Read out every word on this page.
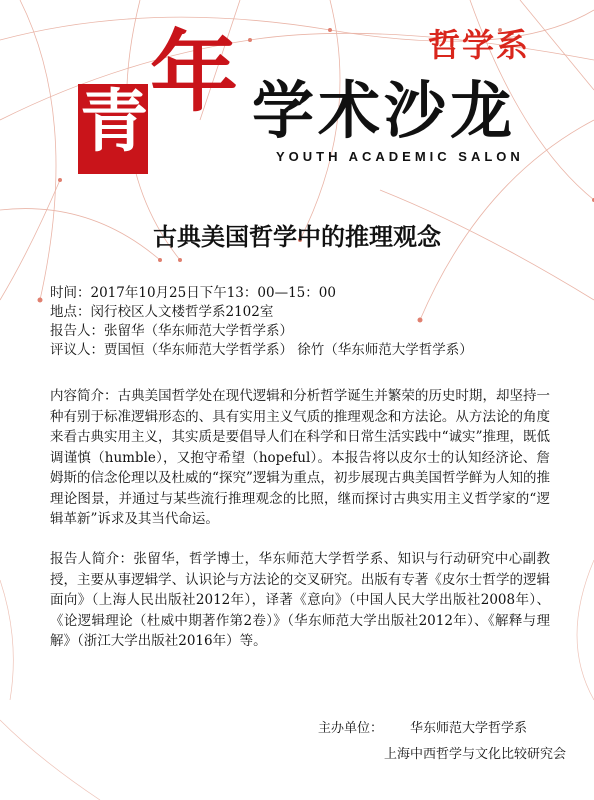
哲学系
青 年 学术沙龙
YOUTH ACADEMIC SALON
古典美国哲学中的推理观念
时间：2017年10月25日下午13：00—15：00
地点：闵行校区人文楼哲学系2102室
报告人：张留华（华东师范大学哲学系）
评议人：贾国恒（华东师范大学哲学系） 徐竹（华东师范大学哲学系）
内容简介：古典美国哲学处在现代逻辑和分析哲学诞生并繁荣的历史时期，却坚持一种有别于标准逻辑形态的、具有实用主义气质的推理观念和方法论。从方法论的角度来看古典实用主义，其实质是要倡导人们在科学和日常生活实践中“诚实”推理，既低调谨慎（humble），又抱守希望（hopeful）。本报告将以皮尔士的认知经济论、詹姆斯的信念伦理以及杜威的“探究”逻辑为重点，初步展现古典美国哲学鲜为人知的推理论图景，并通过与某些流行推理观念的比照，继而探讨古典实用主义哲学家的“逻辑革新”诉求及其当代命运。
报告人简介：张留华，哲学博士，华东师范大学哲学系、知识与行动研究中心副教授，主要从事逻辑学、认识论与方法论的交叉研究。出版有专著《皮尔士哲学的逻辑面向》（上海人民出版社2012年），译著《意向》（中国人民大学出版社2008年）、《论逻辑理论（杜威中期著作第2卷）》（华东师范大学出版社2012年）、《解释与理解》（浙江大学出版社2016年）等。
主办单位： 华东师范大学哲学系
上海中西哲学与文化比较研究会
